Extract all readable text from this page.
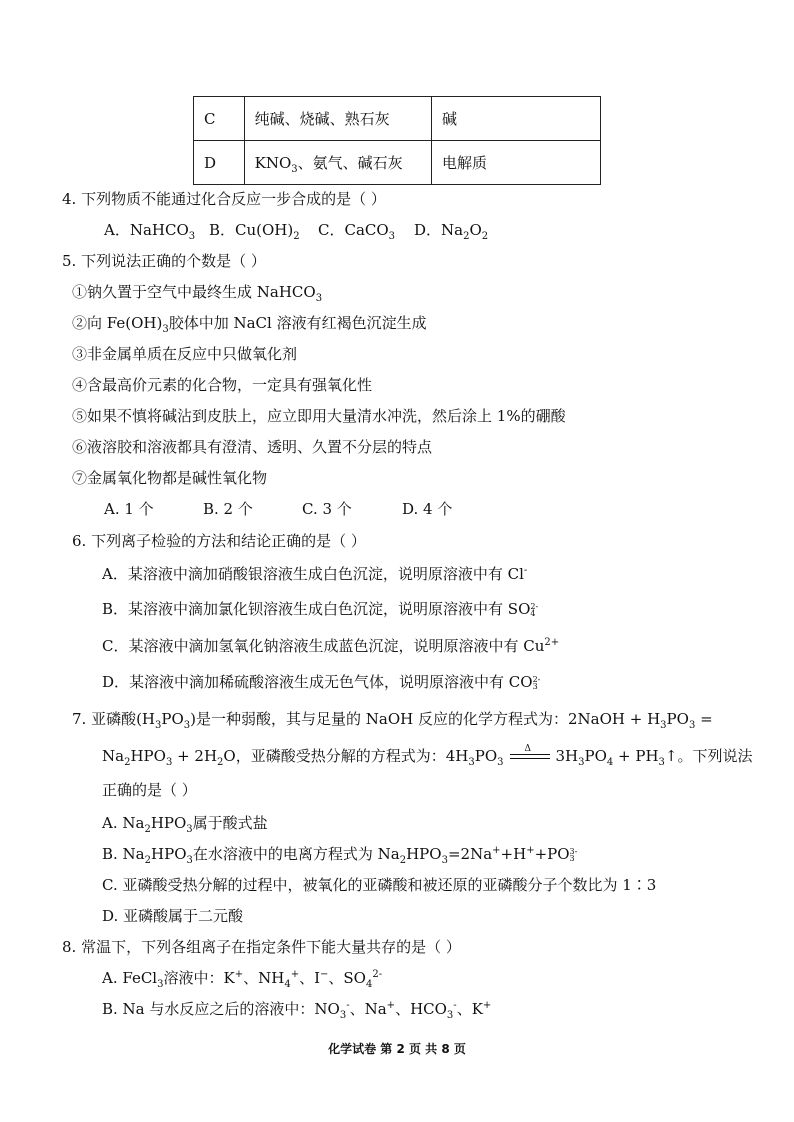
C	纯碱、烧碱、熟石灰	碱
D	$KNO_3$、氨气、碱石灰	电解质
4. 下列物质不能通过化合反应一步合成的是（ ）
A．NaHCO$_3$ B．$Cu(OH)_2$ C．CaCO$_3$ D．$Na_2O_2$
5. 下列说法正确的个数是（ ）
①钠久置于空气中最终生成 NaHCO$_3$
②向 $Fe(OH)_3$胶体中加 NaCl 溶液有红褐色沉淀生成
③非金属单质在反应中只做氧化剂
④含最高价元素的化合物，一定具有强氧化性
⑤如果不慎将碱沾到皮肤上，应立即用大量清水冲洗，然后涂上 1%的硼酸
⑥液溶胶和溶液都具有澄清、透明、久置不分层的特点
⑦金属氧化物都是碱性氧化物
A. 1 个	B. 2 个	C. 3 个	D. 4 个
6. 下列离子检验的方法和结论正确的是（ ）
A．某溶液中滴加硝酸银溶液生成白色沉淀，说明原溶液中有 Cl-
B．某溶液中滴加氯化钡溶液生成白色沉淀，说明原溶液中有 SO 2-
4
C．某溶液中滴加氢氧化钠溶液生成蓝色沉淀，说明原溶液中有 $Cu^{2+}$
D．某溶液中滴加稀硫酸溶液生成无色气体，说明原溶液中有 CO 2-
3
7. 亚磷酸$(H_3PO_3)$是一种弱酸，其与足量的 NaOH 反应的化学方程式为：2NaOH + $H_3PO_3$ =
$Na_2HPO_3 + 2H_2O$，亚磷酸受热分解的方程式为：$4H_3PO_3$
Δ $3H_3PO_4$ + $PH_3↑$。下列说法
正确的是（ ）
A. $Na_2HPO_3$属于酸式盐
B. $Na_2HPO_3$在水溶液中的电离方程式为 $Na_2HPO_3=2Na^++H^++PO$ 3-
3
C. 亚磷酸受热分解的过程中，被氧化的亚磷酸和被还原的亚磷酸分子个数比为 1∶3
D. 亚磷酸属于二元酸
8. 常温下，下列各组离子在指定条件下能大量共存的是（ ）
A. FeCl$_3$溶液中：K+、$NH_4^+$、I−、$SO_4^{2-}$
B. Na 与水反应之后的溶液中：$NO_3^-$、Na+、$HCO_3^-$、K+
化学试卷 第 2 页 共 8 页
